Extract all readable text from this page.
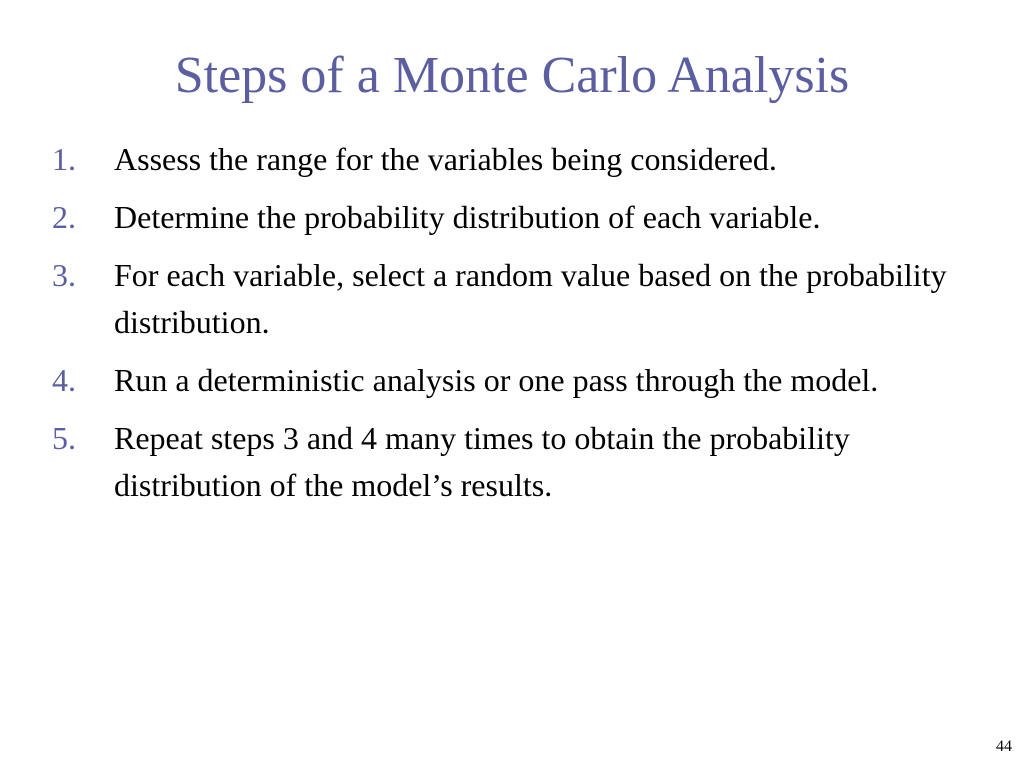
Steps of a Monte Carlo Analysis
1. Assess the range for the variables being considered.
2. Determine the probability distribution of each variable.
3. For each variable, select a random value based on the probability distribution.
4. Run a deterministic analysis or one pass through the model.
5. Repeat steps 3 and 4 many times to obtain the probability distribution of the model’s results.
44
